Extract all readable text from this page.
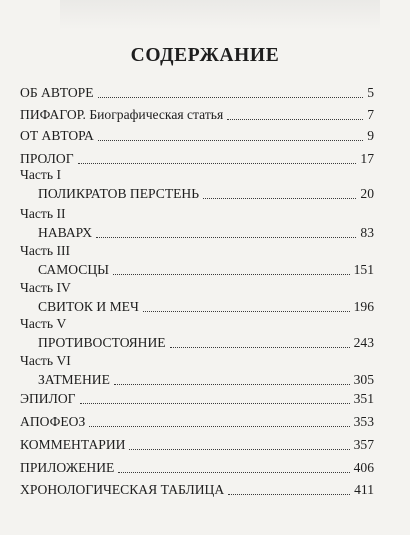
СОДЕРЖАНИЕ
ОБ АВТОРЕ	5
ПИФАГОР. Биографическая статья	7
ОТ АВТОРА	9
ПРОЛОГ	17
Часть I
ПОЛИКРАТОВ ПЕРСТЕНЬ	20
Часть II
НАВАРХ	83
Часть III
САМОСЦЫ	151
Часть IV
СВИТОК И МЕЧ	196
Часть V
ПРОТИВОСТОЯНИЕ	243
Часть VI
ЗАТМЕНИЕ	305
ЭПИЛОГ	351
АПОФЕОЗ	353
КОММЕНТАРИИ	357
ПРИЛОЖЕНИЕ	406
ХРОНОЛОГИЧЕСКАЯ ТАБЛИЦА	411
